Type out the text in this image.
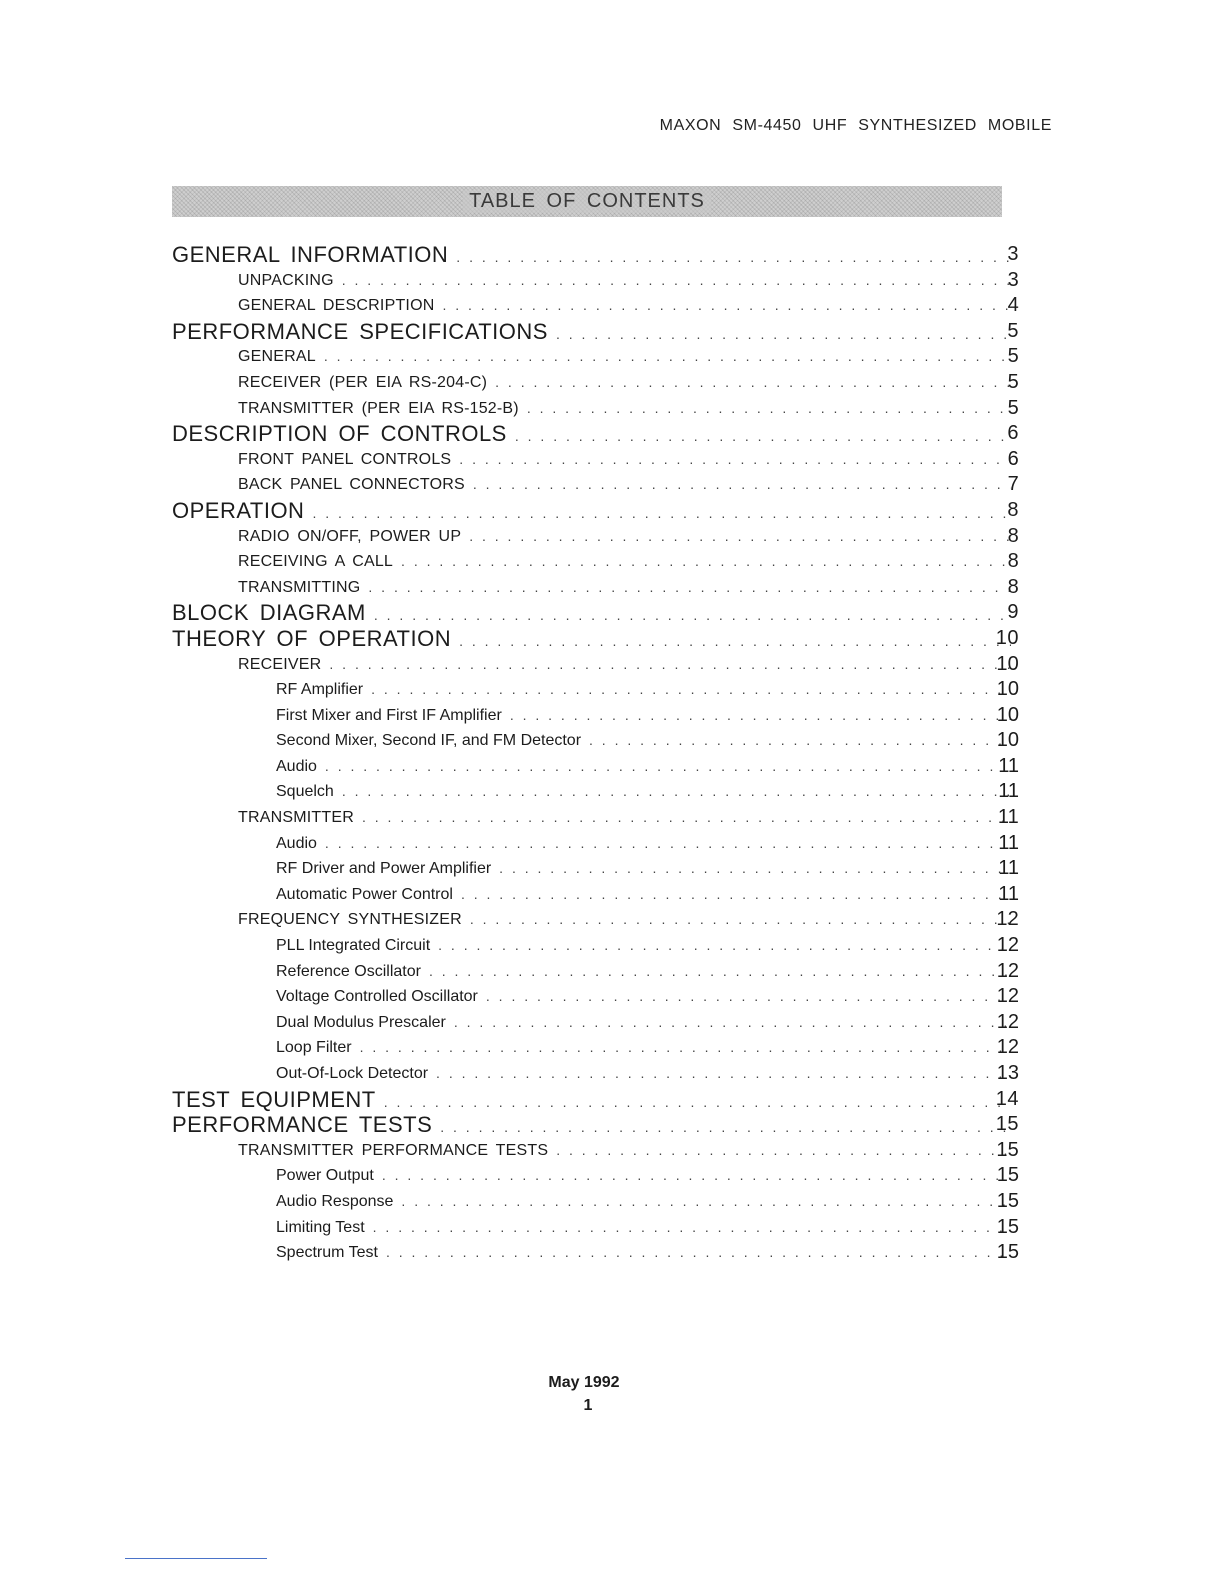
MAXON SM-4450 UHF SYNTHESIZED MOBILE
TABLE OF CONTENTS
GENERAL INFORMATION . . .	3
UNPACKING . . .	3
GENERAL DESCRIPTION . . .	4
PERFORMANCE SPECIFICATIONS . . .	5
GENERAL . . .	5
RECEIVER (PER EIA RS-204-C) . . .	5
TRANSMITTER (PER EIA RS-152-B) . . .	5
DESCRIPTION OF CONTROLS . . .	6
FRONT PANEL CONTROLS . . .	6
BACK PANEL CONNECTORS . . .	7
OPERATION . . .	8
RADIO ON/OFF, POWER UP . . .	8
RECEIVING A CALL . . .	8
TRANSMITTING . . .	8
BLOCK DIAGRAM . . .	9
THEORY OF OPERATION . . .	10
RECEIVER . . .	10
RF Amplifier . . .	10
First Mixer and First IF Amplifier . . .	10
Second Mixer, Second IF, and FM Detector . . .	10
Audio . . .	11
Squelch . . .	11
TRANSMITTER . . .	11
Audio . . .	11
RF Driver and Power Amplifier . . .	11
Automatic Power Control . . .	11
FREQUENCY SYNTHESIZER . . .	12
PLL Integrated Circuit . . .	12
Reference Oscillator . . .	12
Voltage Controlled Oscillator . . .	12
Dual Modulus Prescaler . . .	12
Loop Filter . . .	12
Out-Of-Lock Detector . . .	13
TEST EQUIPMENT . . .	14
PERFORMANCE TESTS . . .	15
TRANSMITTER PERFORMANCE TESTS . . .	15
Power Output . . .	15
Audio Response . . .	15
Limiting Test . . .	15
Spectrum Test . . .	15
May 1992
1
